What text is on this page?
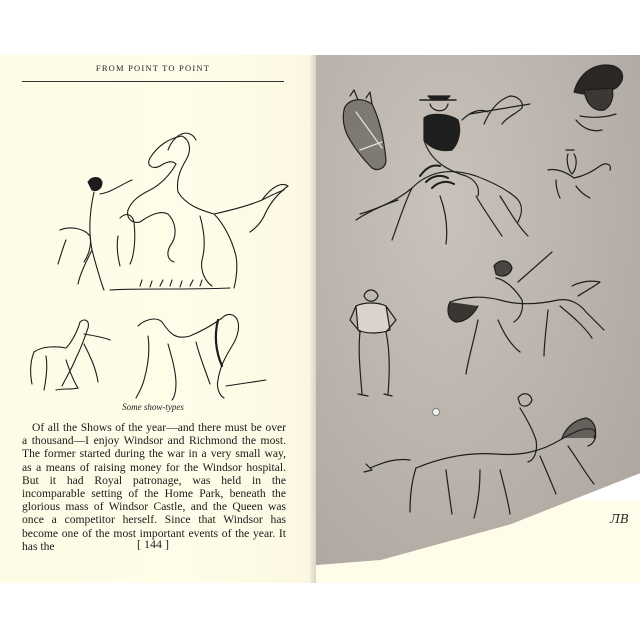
FROM POINT TO POINT
Some show-types

Of all the Shows of the year—and there must be over a thousand—I enjoy Windsor and Richmond the most. The former started during the war in a very small way, as a means of raising money for the Windsor hospital. But it had Royal patronage, was held in the incomparable setting of the Home Park, beneath the glorious mass of Windsor Castle, and the Queen was once a competitor herself. Since that Windsor has become one of the most important events of the year. It has the	[ 144 ]
ЛB
